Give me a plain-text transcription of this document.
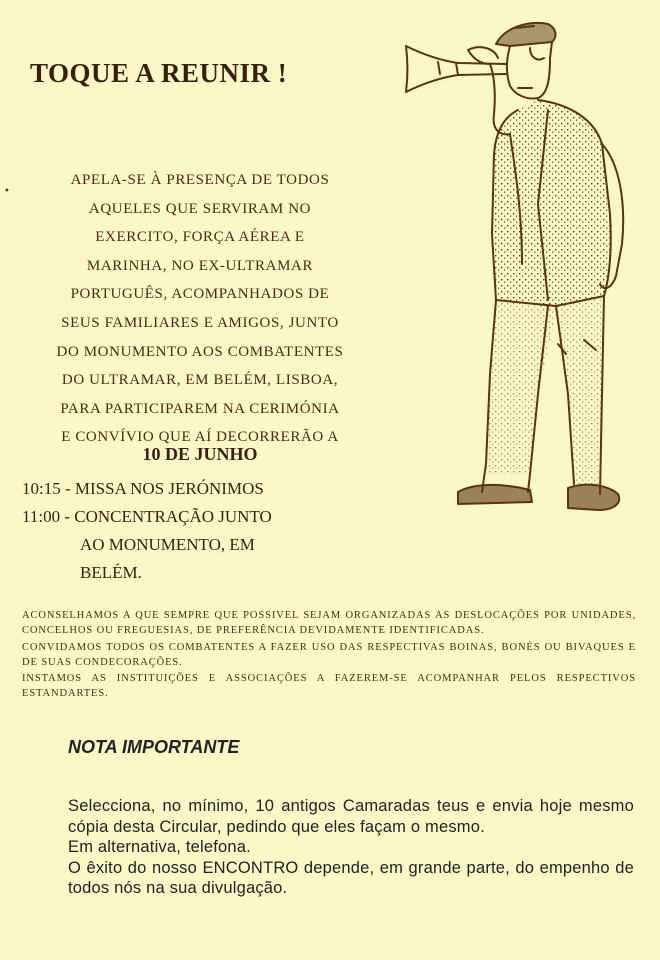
TOQUE A REUNIR !
•
APELA-SE À PRESENÇA DE TODOS
AQUELES QUE SERVIRAM NO
EXERCITO, FORÇA AÉREA E
MARINHA, NO EX-ULTRAMAR
PORTUGUÊS, ACOMPANHADOS DE
SEUS FAMILIARES E AMIGOS, JUNTO
DO MONUMENTO AOS COMBATENTES
DO ULTRAMAR, EM BELÉM, LISBOA,
PARA PARTICIPAREM NA CERIMÓNIA
E CONVÍVIO QUE AÍ DECORRERÃO A
10 DE JUNHO
10:15 - MISSA NOS JERÓNIMOS
11:00 - CONCENTRAÇÃO JUNTO
AO MONUMENTO, EM
BELÉM.

ACONSELHAMOS A QUE SEMPRE QUE POSSIVEL SEJAM ORGANIZADAS AS DESLOCAÇÕES POR UNIDADES, CONCELHOS OU FREGUESIAS, DE PREFERÊNCIA DEVIDAMENTE IDENTIFICADAS.

CONVIDAMOS TODOS OS COMBATENTES A FAZER USO DAS RESPECTIVAS BOINAS, BONÉS OU BIVAQUES E DE SUAS CONDECORAÇÕES.

INSTAMOS AS INSTITUIÇÕES E ASSOCIAÇÕES A FAZEREM-SE ACOMPANHAR PELOS RESPECTIVOS ESTANDARTES.

NOTA IMPORTANTE

Selecciona, no mínimo, 10 antigos Camaradas teus e envia hoje mesmo cópia desta Circular, pedindo que eles façam o mesmo.

Em alternativa, telefona.

O êxito do nosso ENCONTRO depende, em grande parte, do empenho de todos nós na sua divulgação.
